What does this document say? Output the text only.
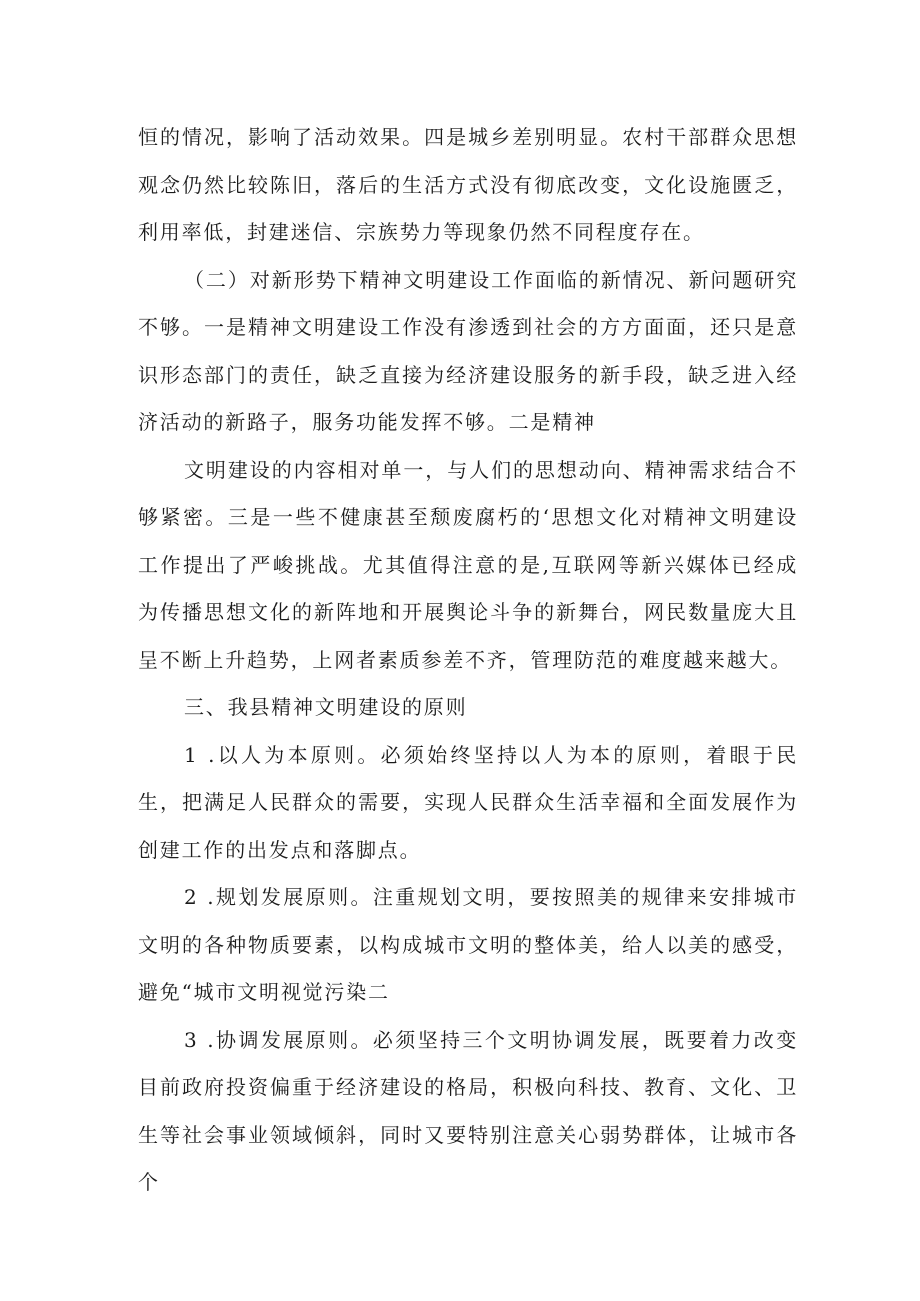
恒的情况，影响了活动效果。四是城乡差别明显。农村干部群众思想观念仍然比较陈旧，落后的生活方式没有彻底改变，文化设施匮乏，利用率低，封建迷信、宗族势力等现象仍然不同程度存在。

（二）对新形势下精神文明建设工作面临的新情况、新问题研究不够。一是精神文明建设工作没有渗透到社会的方方面面，还只是意识形态部门的责任，缺乏直接为经济建设服务的新手段，缺乏进入经济活动的新路子，服务功能发挥不够。二是精神

文明建设的内容相对单一，与人们的思想动向、精神需求结合不够紧密。三是一些不健康甚至颓废腐朽的‘思想文化对精神文明建设工作提出了严峻挑战。尤其值得注意的是,互联网等新兴媒体已经成为传播思想文化的新阵地和开展舆论斗争的新舞台，网民数量庞大且呈不断上升趋势，上网者素质参差不齐，管理防范的难度越来越大。

三、我县精神文明建设的原则

1 .以人为本原则。必须始终坚持以人为本的原则，着眼于民生，把满足人民群众的需要，实现人民群众生活幸福和全面发展作为创建工作的出发点和落脚点。

2 .规划发展原则。注重规划文明，要按照美的规律来安排城市文明的各种物质要素，以构成城市文明的整体美，给人以美的感受，避免“城市文明视觉污染二

3 .协调发展原则。必须坚持三个文明协调发展，既要着力改变目前政府投资偏重于经济建设的格局，积极向科技、教育、文化、卫生等社会事业领域倾斜，同时又要特别注意关心弱势群体，让城市各个
